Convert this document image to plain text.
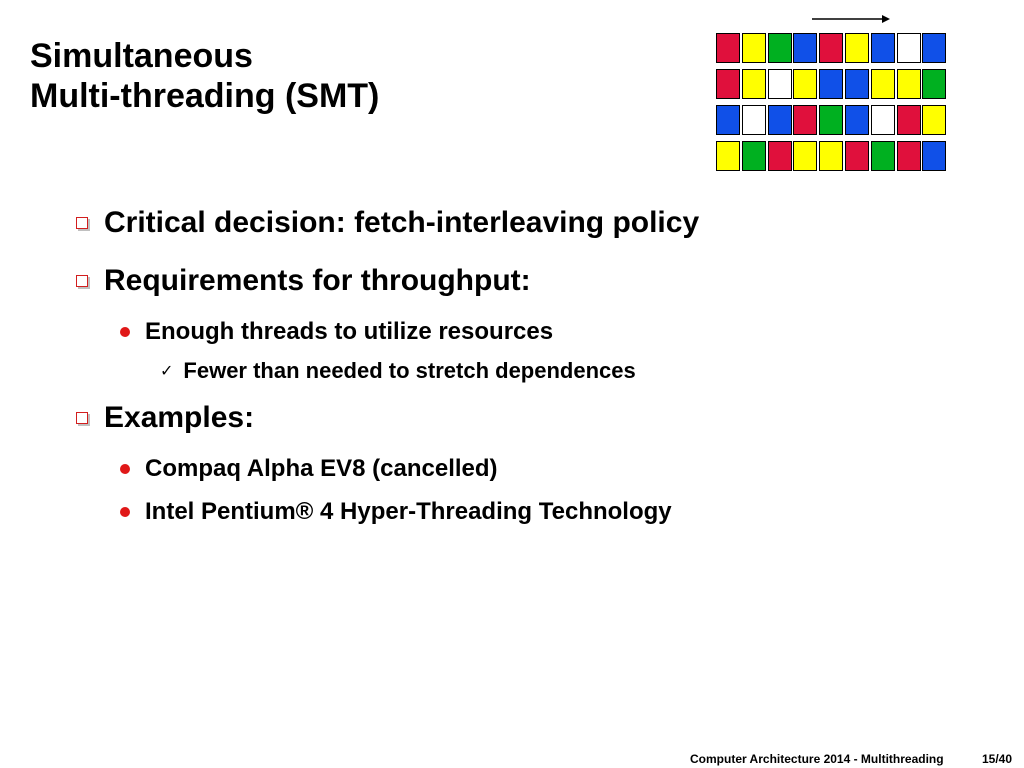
Simultaneous
Multi-threading (SMT)
Critical decision: fetch-interleaving policy
Requirements for throughput:
Enough threads to utilize resources
✓ Fewer than needed to stretch dependences
Examples:
Compaq Alpha EV8 (cancelled)
Intel Pentium® 4 Hyper-Threading Technology
Computer Architecture 2014 - Multithreading	15/40
